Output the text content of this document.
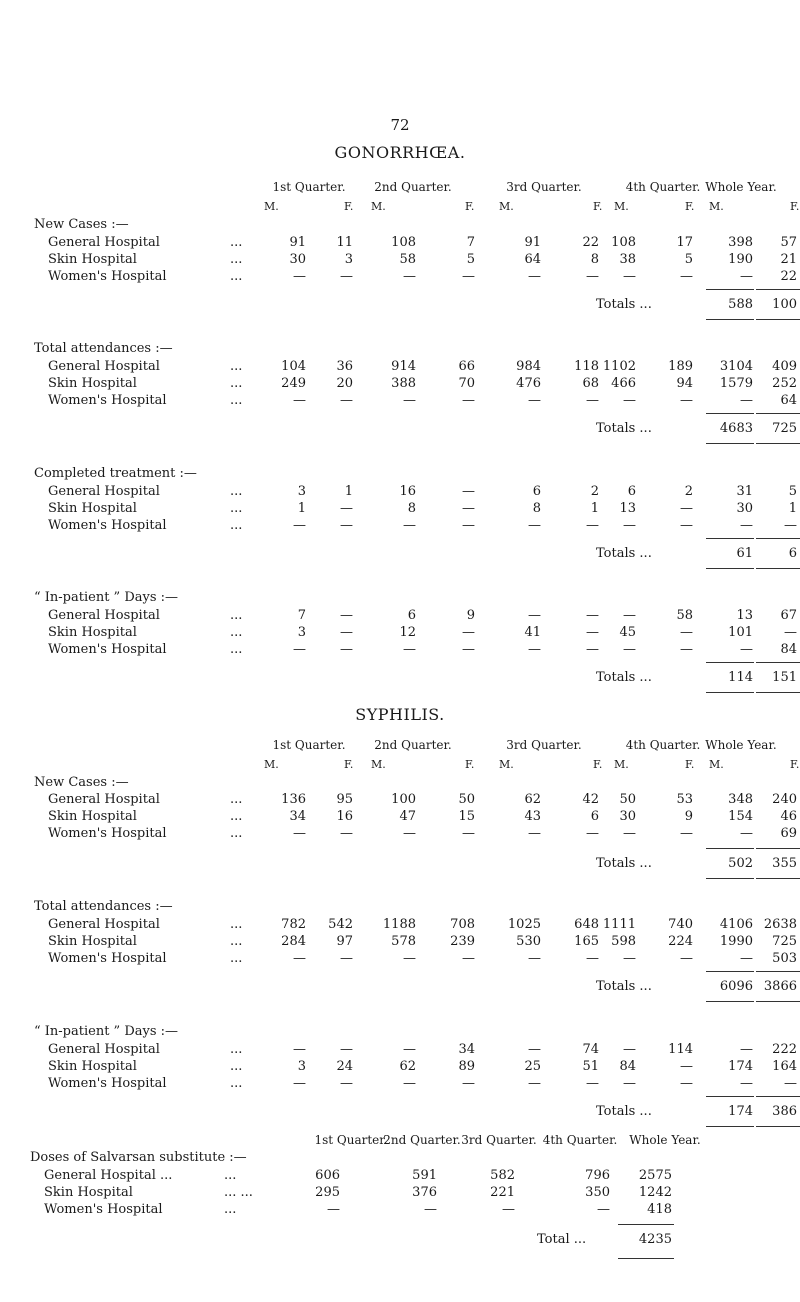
72
GONORRHŒA.
1st Quarter.	2nd Quarter.	3rd Quarter.	4th Quarter. Whole Year.
M.	F. M.	F. M.	F. M.	F. M.	F.
New Cases :—
General Hospital	...	91	11	108	7	91	22 108	17	398	57
Skin Hospital	...	30	3	58	5	64	8	38	5	190	21
Women's Hospital	...	—	—	—	—	—	—	—	—	—	22
Totals ...	588	100
Total attendances :—
General Hospital	...	104	36	914	66	984	118 1102	189	3104	409
Skin Hospital	...	249	20	388	70	476	68 466	94	1579	252
Women's Hospital	...	—	—	—	—	—	—	—	—	—	64
Totals ...	4683	725
Completed treatment :—
General Hospital	...	3	1	16	—	6	2	6	2	31	5
Skin Hospital	...	1	—	8	—	8	1	13	—	30	1
Women's Hospital	...	—	—	—	—	—	—	—	—	—	—
Totals ...	61	6
“ In-patient ” Days :—
General Hospital	...	7	—	6	9	—	—	—	58	13	67
Skin Hospital	...	3	—	12	—	41	—	45	—	101	—
Women's Hospital	...	—	—	—	—	—	—	—	—	—	84
Totals ...	114	151
SYPHILIS.
1st Quarter.	2nd Quarter.	3rd Quarter.	4th Quarter. Whole Year.
M.	F. M.	F. M.	F. M.	F. M.	F.
New Cases :—
General Hospital	...	136	95	100	50	62	42	50	53	348	240
Skin Hospital	...	34	16	47	15	43	6	30	9	154	46
Women's Hospital	...	—	—	—	—	—	—	—	—	—	69
Totals ...	502	355
Total attendances :—
General Hospital	...	782	542	1188	708	1025	648 1111	740	4106 2638
Skin Hospital	...	284	97	578	239	530	165 598	224	1990	725
Women's Hospital	...	—	—	—	—	—	—	—	—	—	503
Totals ...	6096 3866
“ In-patient ” Days :—
General Hospital	...	—	—	—	34	—	74	—	114	—	222
Skin Hospital	...	3	24	62	89	25	51	84	—	174	164
Women's Hospital	...	—	—	—	—	—	—	—	—	—	—
Totals ...	174	386
1st Quarter.
2nd Quarter. 3rd Quarter. 4th Quarter. Whole Year.
Doses of Salvarsan substitute :—
General Hospital ...	...	606	591	582	796	2575
Skin Hospital	... ...	295	376	221	350	1242
Women's Hospital	...	—	—	—	—	418
Total ...	4235
